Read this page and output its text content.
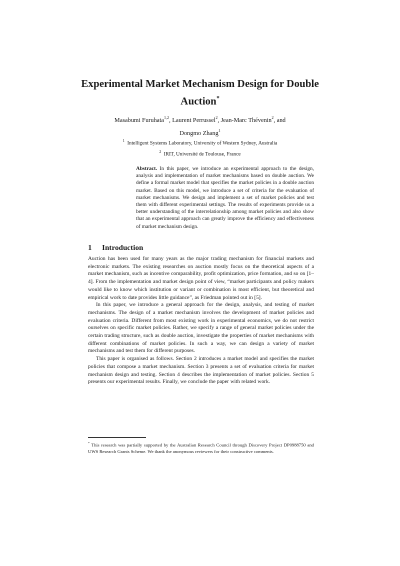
Experimental Market Mechanism Design for Double Auction*
Masabumi Furuhata$^{1,2}$, Laurent Perrussel$^2$, Jean-Marc Thévenin$^2$, and
Dongmo Zhang$^1$
$^1$ Intelligent Systems Laboratory, University of Western Sydney, Australia
$^2$ IRIT, Université de Toulouse, France
Abstract. In this paper, we introduce an experimental approach to the design, analysis and implementation of market mechanisms based on double auction. We define a formal market model that specifies the market policies in a double auction market. Based on this model, we introduce a set of criteria for the evaluation of market mechanisms. We design and implement a set of market policies and test them with different experimental settings. The results of experiments provide us a better understanding of the interrelationship among market policies and also show that an experimental approach can greatly improve the efficiency and effectiveness of market mechanism design.
1 Introduction

Auction has been used for many years as the major trading mechanism for financial markets and electronic markets. The existing researches on auction mostly focus on the theoretical aspects of a market mechanism, such as incentive comparability, profit optimization, price formation, and so on [1–4]. From the implementation and market design point of view, “market participants and policy makers would like to know which institution or variant or combination is most efficient, but theoretical and empirical work to date provides little guidance”, as Friedman pointed out in [5].

In this paper, we introduce a general approach for the design, analysis, and testing of market mechanisms. The design of a market mechanism involves the development of market policies and evaluation criteria. Different from most existing work in experimental economics, we do not restrict ourselves on specific market policies. Rather, we specify a range of general market policies under the certain trading structure, such as double auction, investigate the properties of market mechanisms with different combinations of market policies. In such a way, we can design a variety of market mechanisms and test them for different purposes.

This paper is organised as follows. Section 2 introduces a market model and specifies the market policies that compose a market mechanism. Section 3 presents a set of evaluation criteria for market mechanism design and testing. Section 4 describes the implementation of market policies. Section 5 presents our experimental results. Finally, we conclude the paper with related work.

* This research was partially supported by the Australian Research Council through Discovery Project DP0988750 and UWS Research Grants Scheme. We thank the anonymous reviewers for their constructive comments.
